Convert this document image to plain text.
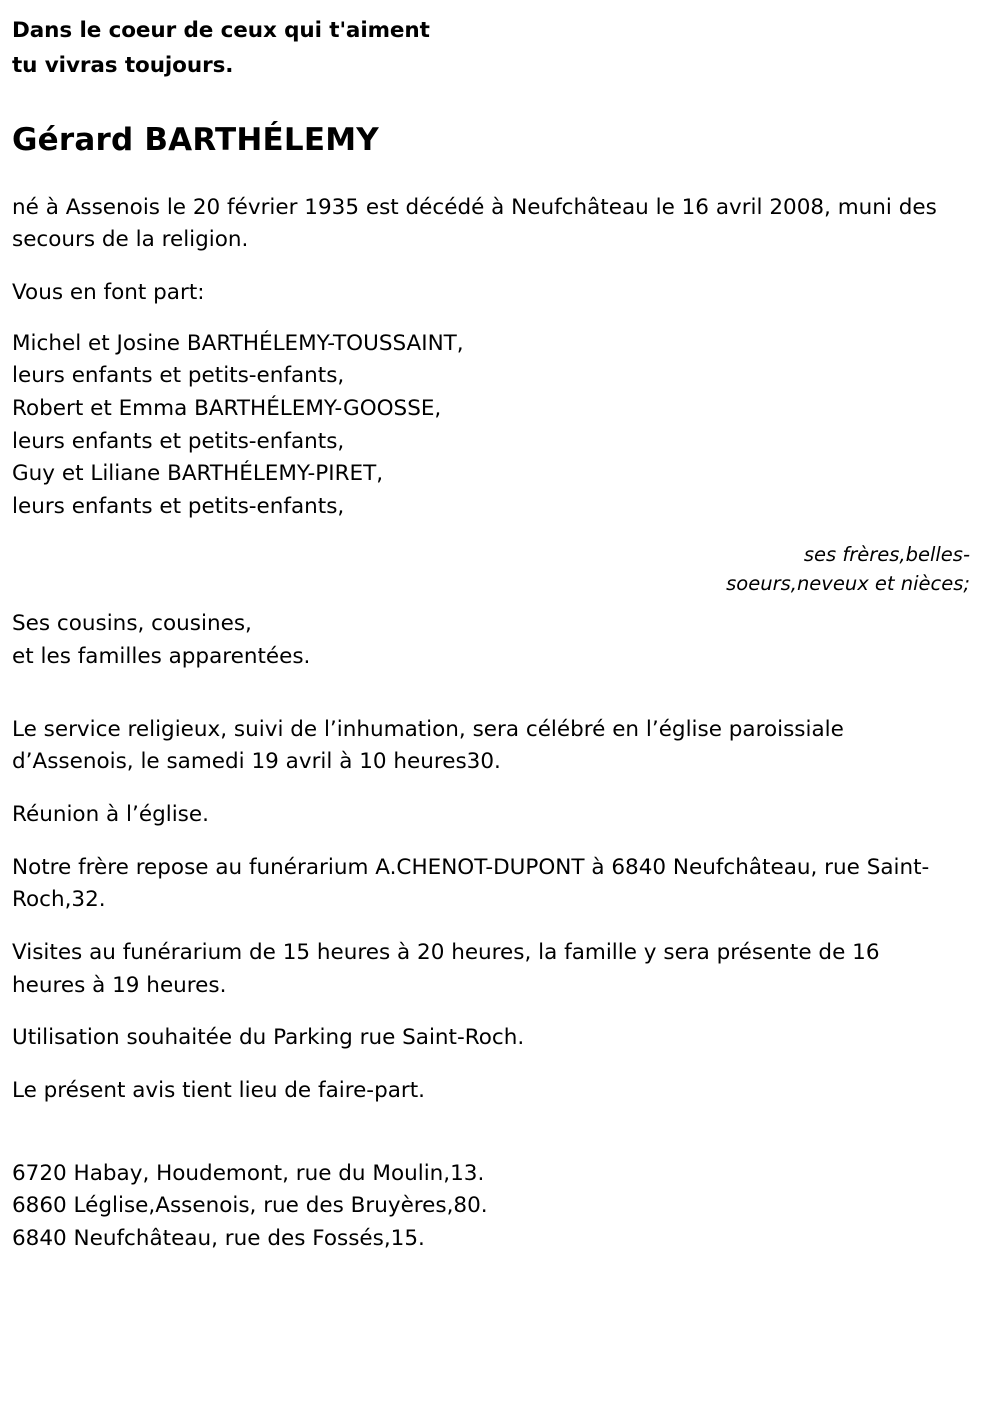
Dans le coeur de ceux qui t'aiment
tu vivras toujours.
Gérard BARTHÉLEMY

né à Assenois le 20 février 1935 est décédé à Neufchâteau le 16 avril 2008, muni des secours de la religion.

Vous en font part:

Michel et Josine BARTHÉLEMY-TOUSSAINT,
leurs enfants et petits-enfants,
Robert et Emma BARTHÉLEMY-GOOSSE,
leurs enfants et petits-enfants,
Guy et Liliane BARTHÉLEMY-PIRET,
leurs enfants et petits-enfants,
ses frères,belles-soeurs,neveux et nièces;
Ses cousins, cousines,
et les familles apparentées.

Le service religieux, suivi de l’inhumation, sera célébré en l’église paroissiale d’Assenois, le samedi 19 avril à 10 heures30.

Réunion à l’église.

Notre frère repose au funérarium A.CHENOT-DUPONT à 6840 Neufchâteau, rue Saint-Roch,32.

Visites au funérarium de 15 heures à 20 heures, la famille y sera présente de 16 heures à 19 heures.

Utilisation souhaitée du Parking rue Saint-Roch.

Le présent avis tient lieu de faire-part.

6720 Habay, Houdemont, rue du Moulin,13.
6860 Léglise,Assenois, rue des Bruyères,80.
6840 Neufchâteau, rue des Fossés,15.
